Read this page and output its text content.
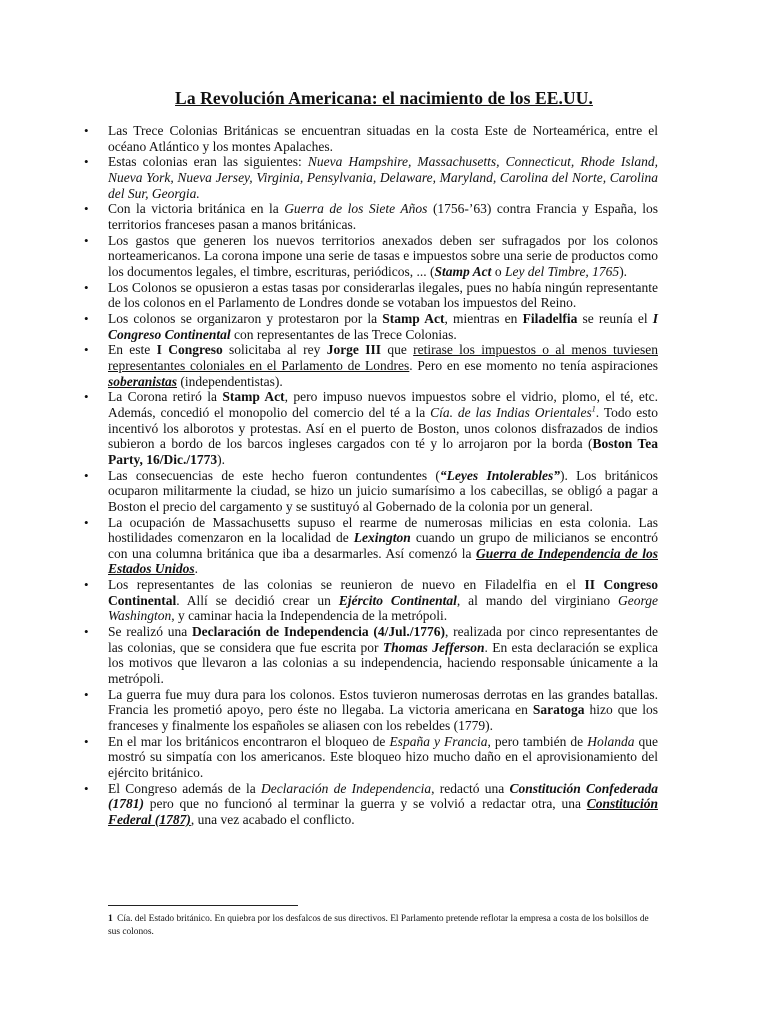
La Revolución Americana: el nacimiento de los EE.UU.
• Las Trece Colonias Británicas se encuentran situadas en la costa Este de Norteamérica, entre el océano Atlántico y los montes Apalaches.
• Estas colonias eran las siguientes: Nueva Hampshire, Massachusetts, Connecticut, Rhode Island, Nueva York, Nueva Jersey, Virginia, Pensylvania, Delaware, Maryland, Carolina del Norte, Carolina del Sur, Georgia.
• Con la victoria británica en la Guerra de los Siete Años (1756-’63) contra Francia y España, los territorios franceses pasan a manos británicas.
• Los gastos que generen los nuevos territorios anexados deben ser sufragados por los colonos norteamericanos. La corona impone una serie de tasas e impuestos sobre una serie de productos como los documentos legales, el timbre, escrituras, periódicos, ... (Stamp Act o Ley del Timbre, 1765).
• Los Colonos se opusieron a estas tasas por considerarlas ilegales, pues no había ningún representante de los colonos en el Parlamento de Londres donde se votaban los impuestos del Reino.
• Los colonos se organizaron y protestaron por la Stamp Act, mientras en Filadelfia se reunía el I Congreso Continental con representantes de las Trece Colonias.
• En este I Congreso solicitaba al rey Jorge III que retirase los impuestos o al menos tuviesen representantes coloniales en el Parlamento de Londres. Pero en ese momento no tenía aspiraciones soberanistas (independentistas).
• La Corona retiró la Stamp Act, pero impuso nuevos impuestos sobre el vidrio, plomo, el té, etc. Además, concedió el monopolio del comercio del té a la Cía. de las Indias Orientales$^1$. Todo esto incentivó los alborotos y protestas. Así en el puerto de Boston, unos colonos disfrazados de indios subieron a bordo de los barcos ingleses cargados con té y lo arrojaron por la borda (Boston Tea Party, 16/Dic./1773).
• Las consecuencias de este hecho fueron contundentes (“Leyes Intolerables”). Los británicos ocuparon militarmente la ciudad, se hizo un juicio sumarísimo a los cabecillas, se obligó a pagar a Boston el precio del cargamento y se sustituyó al Gobernado de la colonia por un general.
• La ocupación de Massachusetts supuso el rearme de numerosas milicias en esta colonia. Las hostilidades comenzaron en la localidad de Lexington cuando un grupo de milicianos se encontró con una columna británica que iba a desarmarles. Así comenzó la Guerra de Independencia de los Estados Unidos.
• Los representantes de las colonias se reunieron de nuevo en Filadelfia en el II Congreso Continental. Allí se decidió crear un Ejército Continental, al mando del virginiano George Washington, y caminar hacia la Independencia de la metrópoli.
• Se realizó una Declaración de Independencia (4/Jul./1776), realizada por cinco representantes de las colonias, que se considera que fue escrita por Thomas Jefferson. En esta declaración se explica los motivos que llevaron a las colonias a su independencia, haciendo responsable únicamente a la metrópoli.
• La guerra fue muy dura para los colonos. Estos tuvieron numerosas derrotas en las grandes batallas. Francia les prometió apoyo, pero éste no llegaba. La victoria americana en Saratoga hizo que los franceses y finalmente los españoles se aliasen con los rebeldes (1779).
• En el mar los británicos encontraron el bloqueo de España y Francia, pero también de Holanda que mostró su simpatía con los americanos. Este bloqueo hizo mucho daño en el aprovisionamiento del ejército británico.
• El Congreso además de la Declaración de Independencia, redactó una Constitución Confederada (1781) pero que no funcionó al terminar la guerra y se volvió a redactar otra, una Constitución Federal (1787), una vez acabado el conflicto.
1 Cía. del Estado británico. En quiebra por los desfalcos de sus directivos. El Parlamento pretende reflotar la empresa a costa de los bolsillos de sus colonos.
